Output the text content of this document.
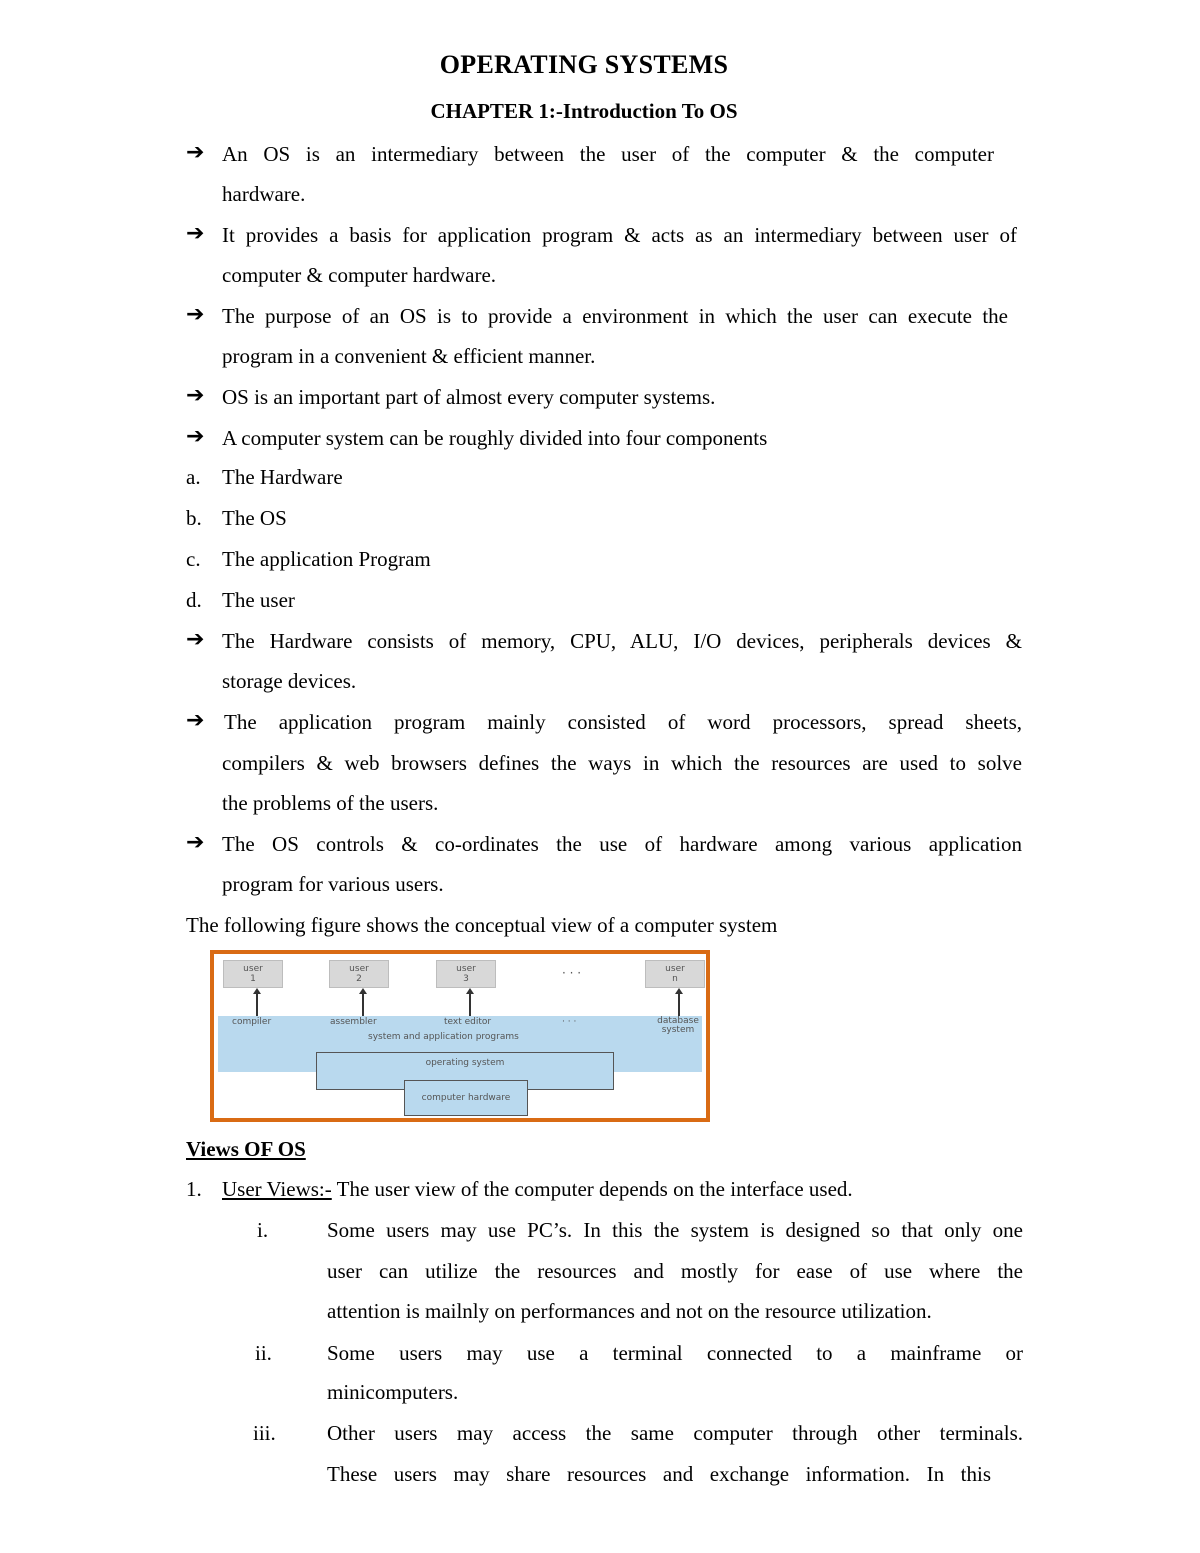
OPERATING SYSTEMS
CHAPTER 1:-Introduction To OS
➔ An OS is an intermediary between the user of the computer & the computer
hardware.
➔ It provides a basis for application program & acts as an intermediary between user of
computer & computer hardware.
➔ The purpose of an OS is to provide a environment in which the user can execute the
program in a convenient & efficient manner.
➔ OS is an important part of almost every computer systems.
➔ A computer system can be roughly divided into four components
a. The Hardware
b. The OS
c. The application Program
d. The user
➔ The Hardware consists of memory, CPU, ALU, I/O devices, peripherals devices &
storage devices.
➔ The application program mainly consisted of word processors, spread sheets,
compilers & web browsers defines the ways in which the resources are used to solve
the problems of the users.
➔ The OS controls & co-ordinates the use of hardware among various application
program for various users.
The following figure shows the conceptual view of a computer system
user
1
user
2
user
3	· · ·	user
n
compiler	assembler	text editor	· · ·	database system
system and application programs
operating system
computer hardware
Views OF OS
1. User Views:- The user view of the computer depends on the interface used.
i.	Some users may use PC’s. In this the system is designed so that only one
user can utilize the resources and mostly for ease of use where the
attention is mailnly on performances and not on the resource utilization.
ii.	Some users may use a terminal connected to a mainframe or
minicomputers.
iii. Other users may access the same computer through other terminals.
These users may share resources and exchange information. In this
